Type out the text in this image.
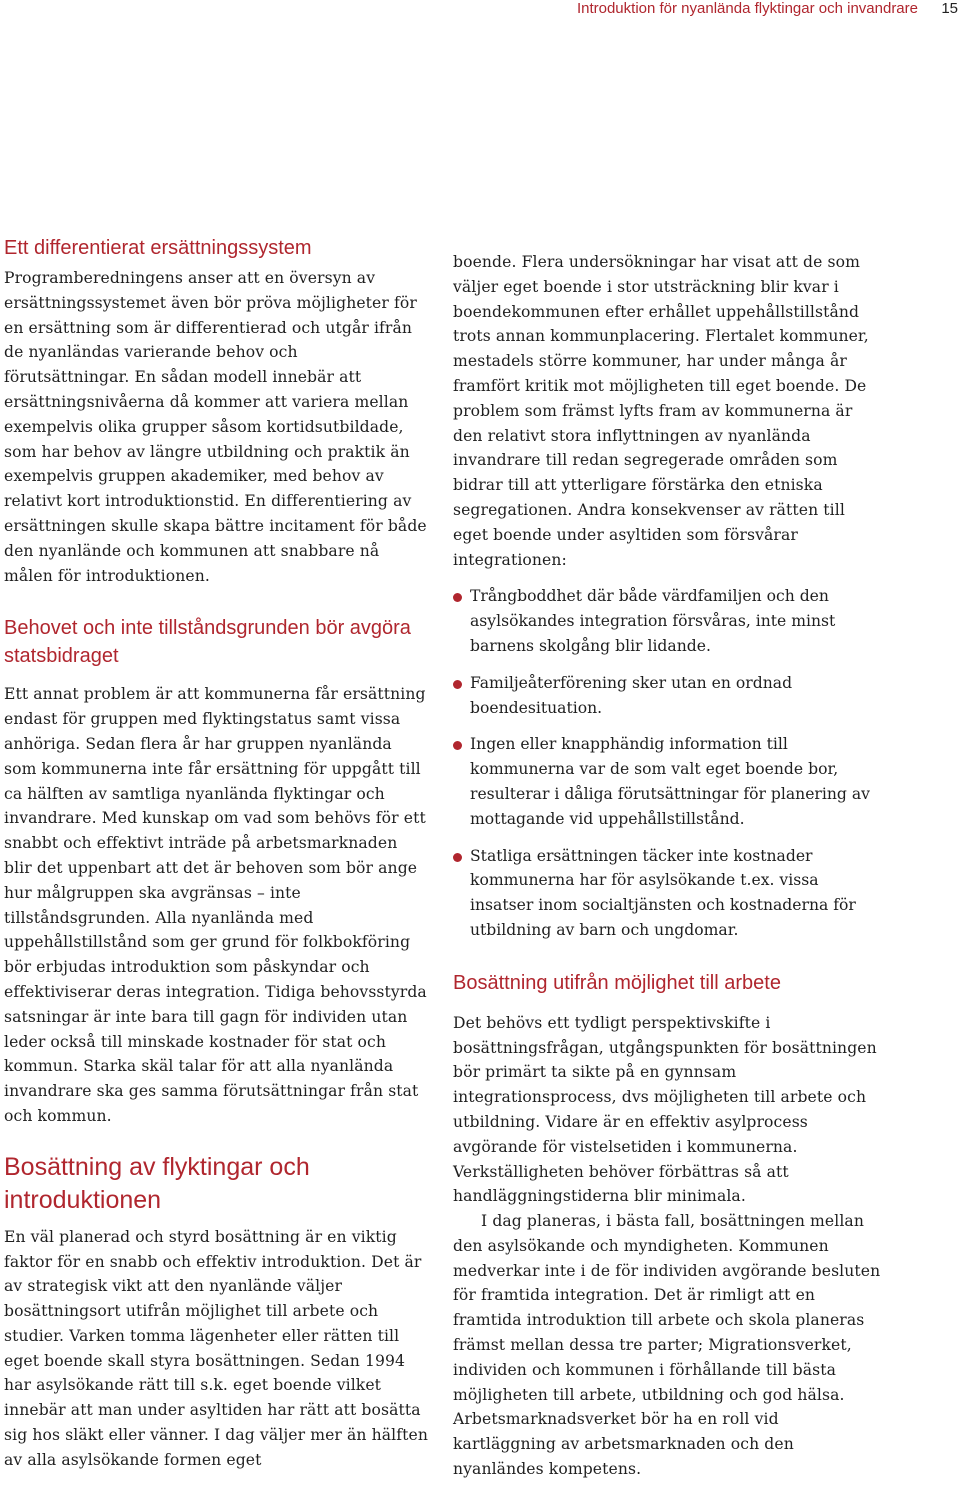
Introduktion för nyanlända flyktingar och invandrare 15
Ett differentierat ersättningssystem

Programberedningens anser att en översyn av ersättningssystemet även bör pröva möjligheter för en ersättning som är differentierad och utgår ifrån de nyanländas varierande behov och förutsättningar. En sådan modell innebär att ersättningsnivåerna då kommer att variera mellan exempelvis olika grupper såsom kortidsutbildade, som har behov av längre utbildning och praktik än exempelvis gruppen akademiker, med behov av relativt kort introduktionstid. En differentiering av ersättningen skulle skapa bättre incitament för både den nyanlände och kommunen att snabbare nå målen för introduktionen.

Behovet och inte tillståndsgrunden bör avgöra statsbidraget

Ett annat problem är att kommunerna får ersättning endast för gruppen med flyktingstatus samt vissa anhöriga. Sedan flera år har gruppen nyanlända som kommunerna inte får ersättning för uppgått till ca hälften av samtliga nyanlända flyktingar och invandrare. Med kunskap om vad som behövs för ett snabbt och effektivt inträde på arbetsmarknaden blir det uppenbart att det är behoven som bör ange hur målgruppen ska avgränsas – inte tillståndsgrunden. Alla nyanlända med uppehållstillstånd som ger grund för folkbokföring bör erbjudas introduktion som påskyndar och effektiviserar deras integration. Tidiga behovsstyrda satsningar är inte bara till gagn för individen utan leder också till minskade kostnader för stat och kommun. Starka skäl talar för att alla nyanlända invandrare ska ges samma förutsättningar från stat och kommun.

Bosättning av flyktingar och introduktionen

En väl planerad och styrd bosättning är en viktig faktor för en snabb och effektiv introduktion. Det är av strategisk vikt att den nyanlände väljer bosättningsort utifrån möjlighet till arbete och studier. Varken tomma lägenheter eller rätten till eget boende skall styra bosättningen. Sedan 1994 har asylsökande rätt till s.k. eget boende vilket innebär att man under asyltiden har rätt att bosätta sig hos släkt eller vänner. I dag väljer mer än hälften av alla asylsökande formen eget

boende. Flera undersökningar har visat att de som väljer eget boende i stor utsträckning blir kvar i boendekommunen efter erhållet uppehållstillstånd trots annan kommunplacering. Flertalet kommuner, mestadels större kommuner, har under många år framfört kritik mot möjligheten till eget boende. De problem som främst lyfts fram av kommunerna är den relativt stora inflyttningen av nyanlända invandrare till redan segregerade områden som bidrar till att ytterligare förstärka den etniska segregationen. Andra konsekvenser av rätten till eget boende under asyltiden som försvårar integrationen:

Trångboddhet där både värdfamiljen och den asylsökandes integration försvåras, inte minst barnens skolgång blir lidande.
Familjeåterförening sker utan en ordnad boendesituation.
Ingen eller knapphändig information till kommunerna var de som valt eget boende bor, resulterar i dåliga förutsättningar för planering av mottagande vid uppehållstillstånd.
Statliga ersättningen täcker inte kostnader kommunerna har för asylsökande t.ex. vissa insatser inom socialtjänsten och kostnaderna för utbildning av barn och ungdomar.
Bosättning utifrån möjlighet till arbete

Det behövs ett tydligt perspektivskifte i bosättningsfrågan, utgångspunkten för bosättningen bör primärt ta sikte på en gynnsam integrationsprocess, dvs möjligheten till arbete och utbildning. Vidare är en effektiv asylprocess avgörande för vistelsetiden i kommunerna. Verkställigheten behöver förbättras så att handläggningstiderna blir minimala.

I dag planeras, i bästa fall, bosättningen mellan den asylsökande och myndigheten. Kommunen medverkar inte i de för individen avgörande besluten för framtida integration. Det är rimligt att en framtida introduktion till arbete och skola planeras främst mellan dessa tre parter; Migrationsverket, individen och kommunen i förhållande till bästa möjligheten till arbete, utbildning och god hälsa. Arbetsmarknadsverket bör ha en roll vid kartläggning av arbetsmarknaden och den nyanländes kompetens.
